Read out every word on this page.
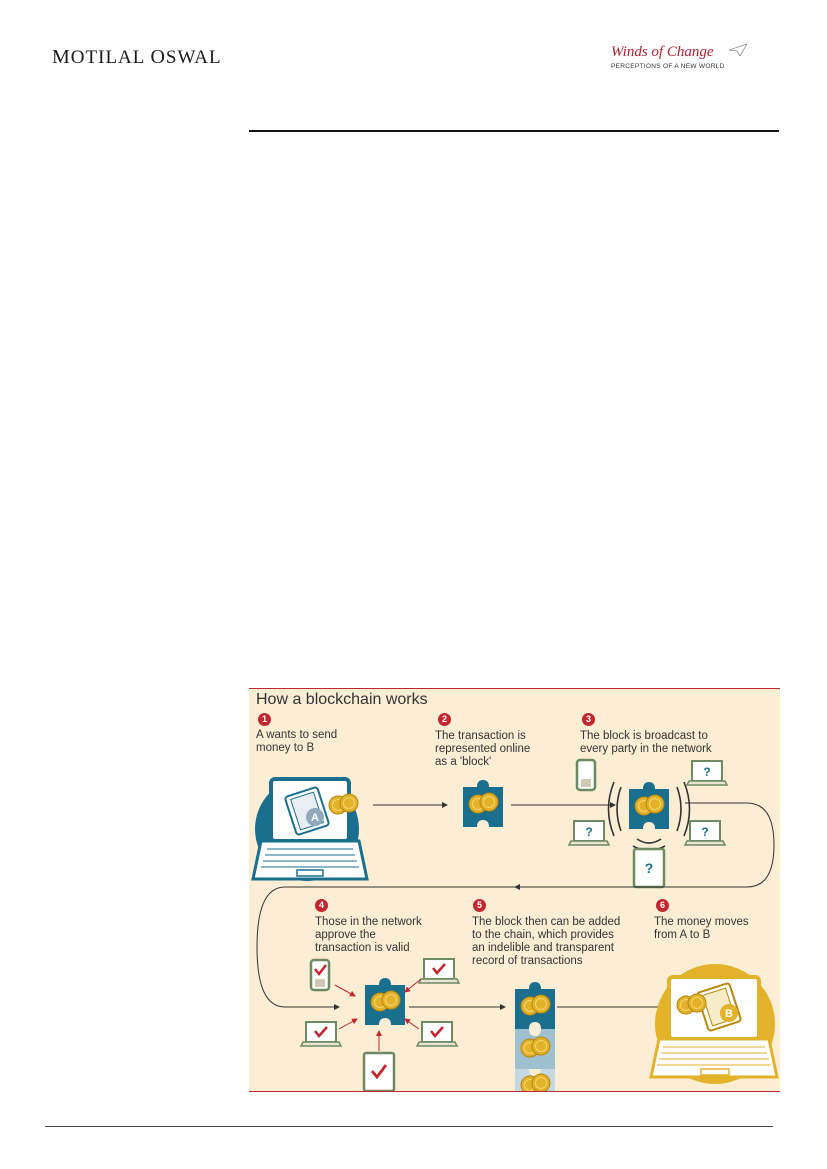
MOTILAL OSWAL	Winds of Change
PERCEPTIONS OF A NEW WORLD
A
?
?	?
?
B
How a blockchain works
1
A wants to send
money to B
2
The transaction is
represented online
as a 'block'
3
The block is broadcast to
every party in the network
4
Those in the network
approve the
transaction is valid
5
The block then can be added
to the chain, which provides
an indelible and transparent
record of transactions
6
The money moves
from A to B
